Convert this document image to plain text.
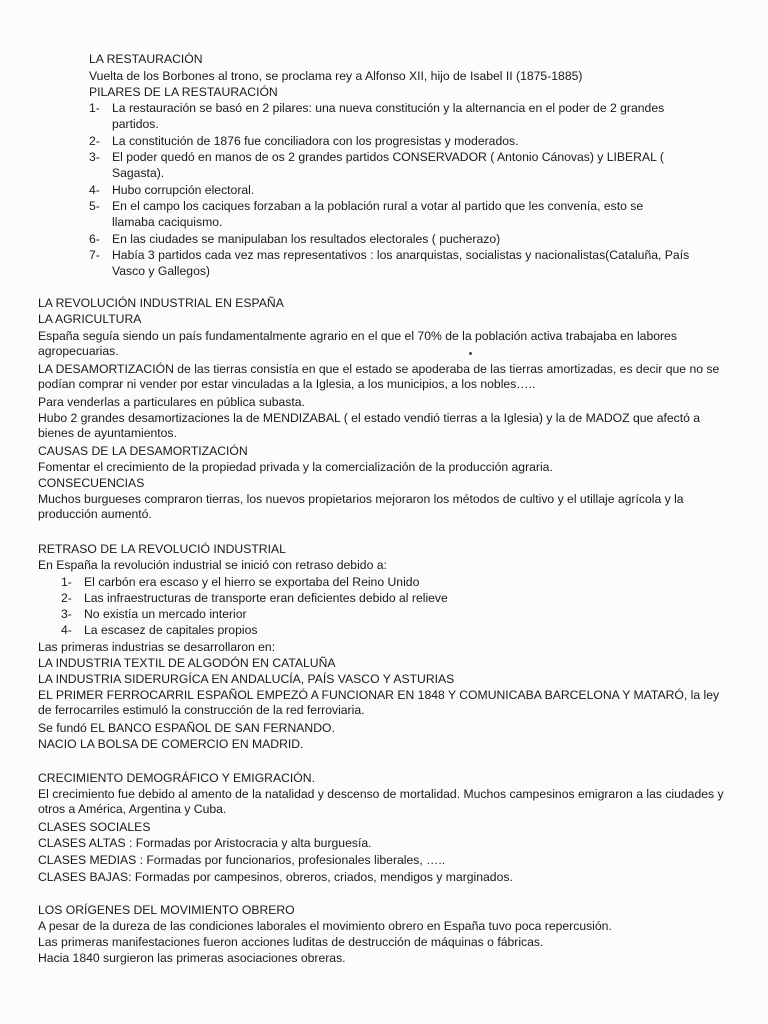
LA RESTAURACIÓN
Vuelta de los Borbones al trono, se proclama rey a Alfonso XII, hijo de Isabel II (1875-1885)
PILARES DE LA RESTAURACIÓN
1- La restauración se basó en 2 pilares: una nueva constitución y la alternancia en el poder de 2 grandes partidos.
2- La constitución de 1876 fue conciliadora con los progresistas y moderados.
3- El poder quedó en manos de os 2 grandes partidos CONSERVADOR ( Antonio Cánovas) y LIBERAL ( Sagasta).
4- Hubo corrupción electoral.
5- En el campo los caciques forzaban a la población rural a votar al partido que les convenía, esto se llamaba caciquismo.
6- En las ciudades se manipulaban los resultados electorales ( pucherazo)
7- Había 3 partidos cada vez mas representativos : los anarquistas, socialistas y nacionalistas(Cataluña, País Vasco y Gallegos)
LA REVOLUCIÓN INDUSTRIAL EN ESPAÑA
LA AGRICULTURA
España seguía siendo un país fundamentalmente agrario en el que el 70% de la población activa trabajaba en labores agropecuarias.
LA DESAMORTIZACIÓN de las tierras consistía en que el estado se apoderaba de las tierras amortizadas, es decir que no se podían comprar ni vender por estar vinculadas a la Iglesia, a los municipios, a los nobles…..
Para venderlas a particulares en pública subasta.
Hubo 2 grandes desamortizaciones la de MENDIZABAL ( el estado vendió tierras a la Iglesia) y la de MADOZ que afectó a bienes de ayuntamientos.
CAUSAS DE LA DESAMORTIZACIÓN
Fomentar el crecimiento de la propiedad privada y la comercialización de la producción agraria.
CONSECUENCIAS
Muchos burgueses compraron tierras, los nuevos propietarios mejoraron los métodos de cultivo y el utillaje agrícola y la producción aumentó.
RETRASO DE LA REVOLUCIÓ INDUSTRIAL
En España la revolución industrial se inició con retraso debido a:
1- El carbón era escaso y el hierro se exportaba del Reino Unido
2- Las infraestructuras de transporte eran deficientes debido al relieve
3- No existía un mercado interior
4- La escasez de capitales propios
Las primeras industrias se desarrollaron en:
LA INDUSTRIA TEXTIL DE ALGODÓN EN CATALUÑA
LA INDUSTRIA SIDERURGÍCA EN ANDALUCÍA, PAÍS VASCO Y ASTURIAS
EL PRIMER FERROCARRIL ESPAÑOL EMPEZÓ A FUNCIONAR EN 1848 Y COMUNICABA BARCELONA Y MATARÓ, la ley de ferrocarriles estimuló la construcción de la red ferroviaria.
Se fundó EL BANCO ESPAÑOL DE SAN FERNANDO.
NACIO LA BOLSA DE COMERCIO EN MADRID.
CRECIMIENTO DEMOGRÁFICO Y EMIGRACIÓN.
El crecimiento fue debido al amento de la natalidad y descenso de mortalidad. Muchos campesinos emigraron a las ciudades y otros a América, Argentina y Cuba.
CLASES SOCIALES
CLASES ALTAS : Formadas por Aristocracia y alta burguesía.
CLASES MEDIAS : Formadas por funcionarios, profesionales liberales, …..
CLASES BAJAS: Formadas por campesinos, obreros, criados, mendigos y marginados.
LOS ORÍGENES DEL MOVIMIENTO OBRERO
A pesar de la dureza de las condiciones laborales el movimiento obrero en España tuvo poca repercusión.
Las primeras manifestaciones fueron acciones luditas de destrucción de máquinas o fábricas.
Hacia 1840 surgieron las primeras asociaciones obreras.
